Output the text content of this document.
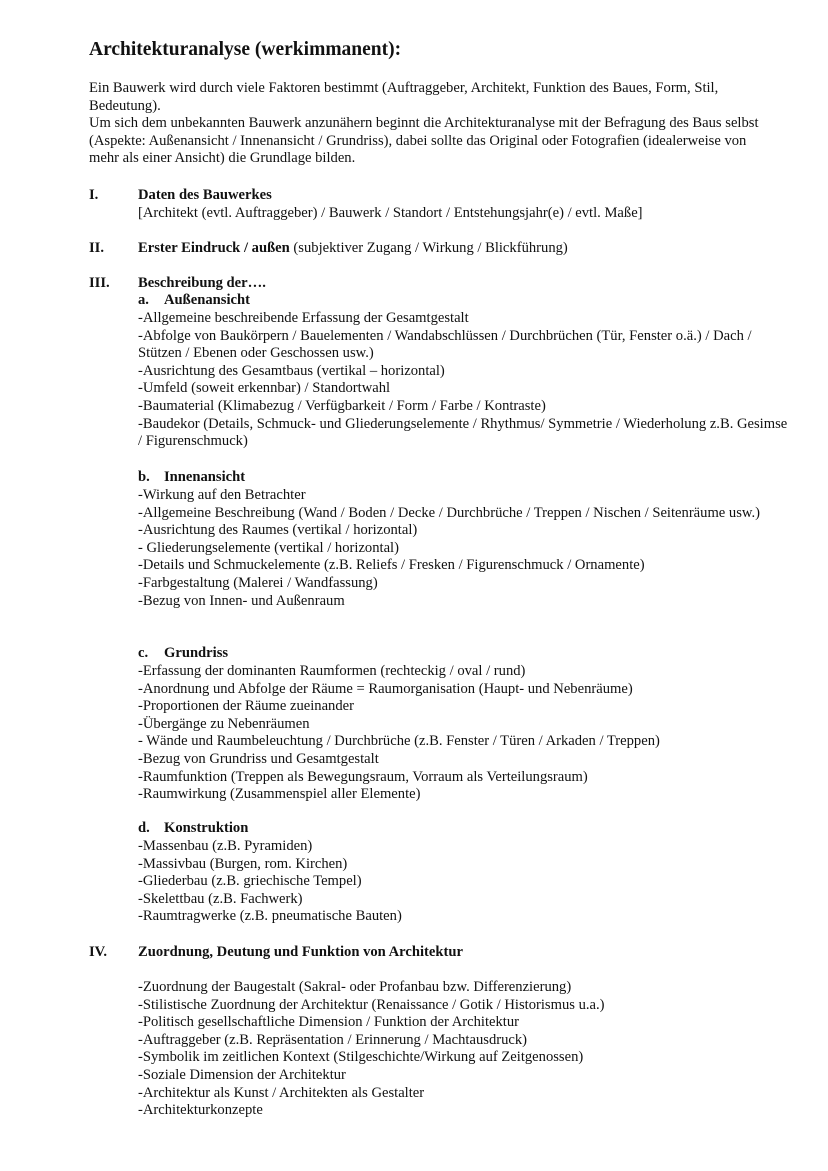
Architekturanalyse (werkimmanent):

Ein Bauwerk wird durch viele Faktoren bestimmt (Auftraggeber, Architekt, Funktion des Baues, Form, Stil, Bedeutung).

Um sich dem unbekannten Bauwerk anzunähern beginnt die Architekturanalyse mit der Befragung des Baus selbst (Aspekte: Außenansicht / Innenansicht / Grundriss), dabei sollte das Original oder Fotografien (idealerweise von mehr als einer Ansicht) die Grundlage bilden.

I.	Daten des Bauwerkes
[Architekt (evtl. Auftraggeber) / Bauwerk / Standort / Entstehungsjahr(e) / evtl. Maße]
II. Erster Eindruck / außen (subjektiver Zugang / Wirkung / Blickführung)
III. Beschreibung der….
a. Außenansicht
-Allgemeine beschreibende Erfassung der Gesamtgestalt
-Abfolge von Baukörpern / Bauelementen / Wandabschlüssen / Durchbrüchen (Tür, Fenster o.ä.) / Dach / Stützen / Ebenen oder Geschossen usw.)
-Ausrichtung des Gesamtbaus (vertikal – horizontal)
-Umfeld (soweit erkennbar) / Standortwahl
-Baumaterial (Klimabezug / Verfügbarkeit / Form / Farbe / Kontraste)
-Baudekor (Details, Schmuck- und Gliederungselemente / Rhythmus/ Symmetrie / Wiederholung z.B. Gesimse / Figurenschmuck)
b. Innenansicht
-Wirkung auf den Betrachter
-Allgemeine Beschreibung (Wand / Boden / Decke / Durchbrüche / Treppen / Nischen / Seitenräume usw.)
-Ausrichtung des Raumes (vertikal / horizontal)
- Gliederungselemente (vertikal / horizontal)
-Details und Schmuckelemente (z.B. Reliefs / Fresken / Figurenschmuck / Ornamente)
-Farbgestaltung (Malerei / Wandfassung)
-Bezug von Innen- und Außenraum
c. Grundriss
-Erfassung der dominanten Raumformen (rechteckig / oval / rund)
-Anordnung und Abfolge der Räume = Raumorganisation (Haupt- und Nebenräume)
-Proportionen der Räume zueinander
-Übergänge zu Nebenräumen
- Wände und Raumbeleuchtung / Durchbrüche (z.B. Fenster / Türen / Arkaden / Treppen)
-Bezug von Grundriss und Gesamtgestalt
-Raumfunktion (Treppen als Bewegungsraum, Vorraum als Verteilungsraum)
-Raumwirkung (Zusammenspiel aller Elemente)
d. Konstruktion
-Massenbau (z.B. Pyramiden)
-Massivbau (Burgen, rom. Kirchen)
-Gliederbau (z.B. griechische Tempel)
-Skelettbau (z.B. Fachwerk)
-Raumtragwerke (z.B. pneumatische Bauten)
IV. Zuordnung, Deutung und Funktion von Architektur
-Zuordnung der Baugestalt (Sakral- oder Profanbau bzw. Differenzierung)
-Stilistische Zuordnung der Architektur (Renaissance / Gotik / Historismus u.a.)
-Politisch gesellschaftliche Dimension / Funktion der Architektur
-Auftraggeber (z.B. Repräsentation / Erinnerung / Machtausdruck)
-Symbolik im zeitlichen Kontext (Stilgeschichte/Wirkung auf Zeitgenossen)
-Soziale Dimension der Architektur
-Architektur als Kunst / Architekten als Gestalter
-Architekturkonzepte
